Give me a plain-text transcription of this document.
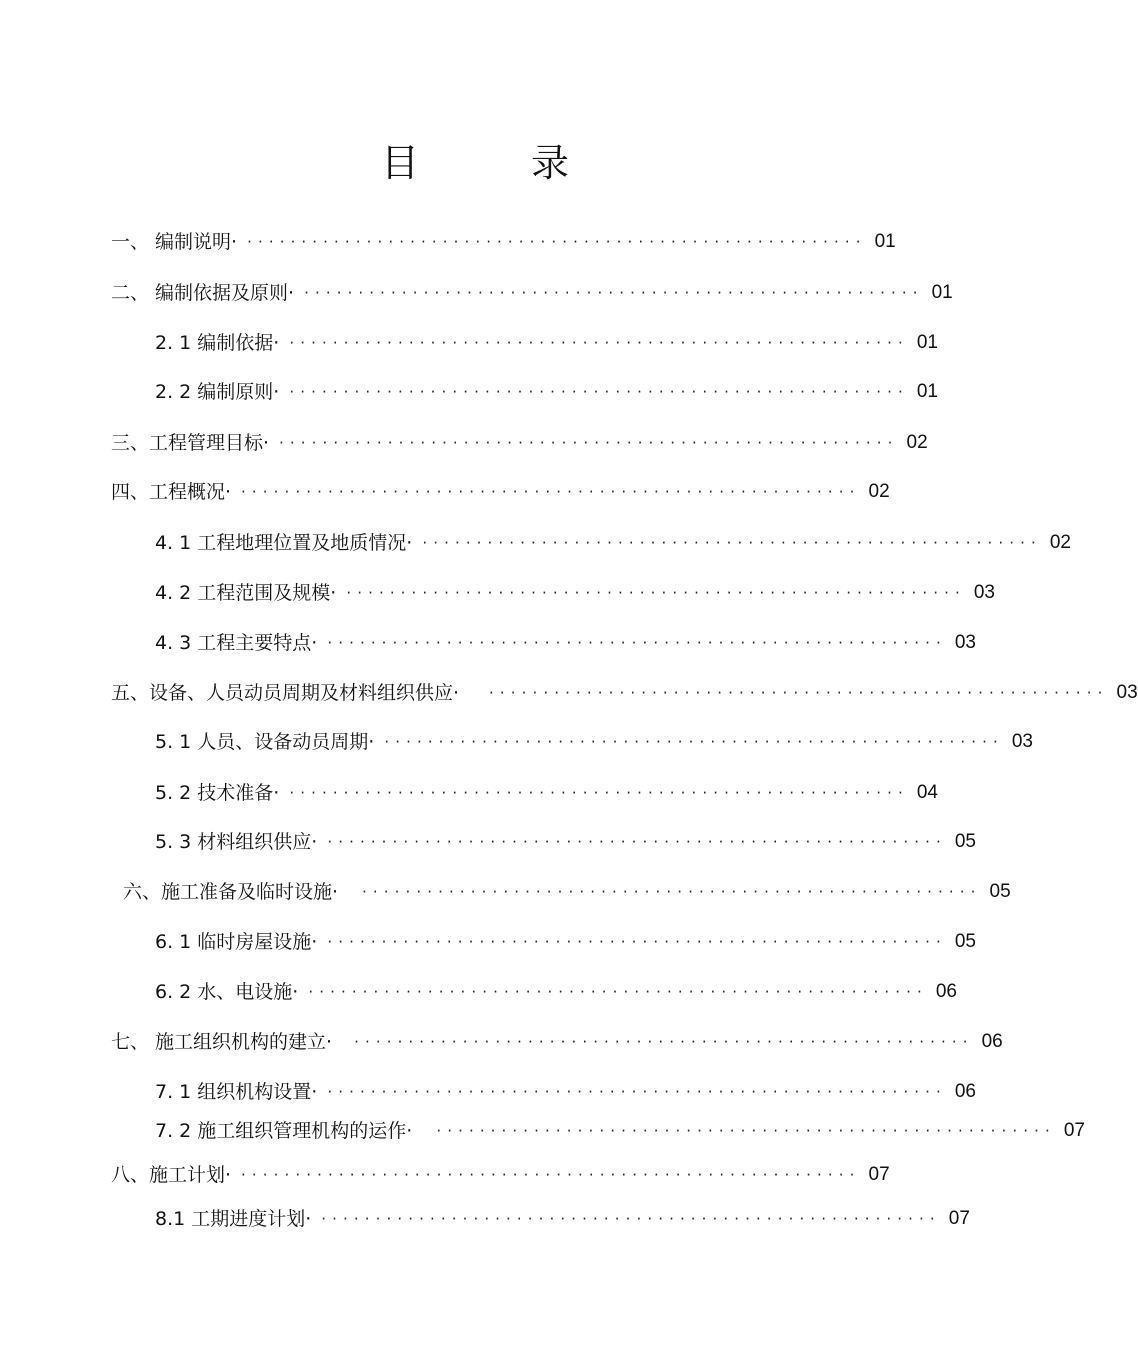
目	录
一、 编制说明· ························································· 01
二、 编制依据及原则· ························································· 01
2. 1 编制依据· ························································· 01
2. 2 编制原则· ························································· 01
三、工程管理目标· ························································· 02
四、工程概况· ························································· 02
4. 1 工程地理位置及地质情况· ························································· 02
4. 2 工程范围及规模· ························································· 03
4. 3 工程主要特点· ························································· 03
五、设备、人员动员周期及材料组织供应· ························································· 03
5. 1 人员、设备动员周期· ························································· 03
5. 2 技术准备· ························································· 04
5. 3 材料组织供应· ························································· 05
六、施工准备及临时设施· ························································· 05
6. 1 临时房屋设施· ························································· 05
6. 2 水、电设施· ························································· 06
七、 施工组织机构的建立· ························································· 06
7. 1 组织机构设置· ························································· 06
7. 2 施工组织管理机构的运作· ························································· 07
八、施工计划· ························································· 07
8.1 工期进度计划· ························································· 07
